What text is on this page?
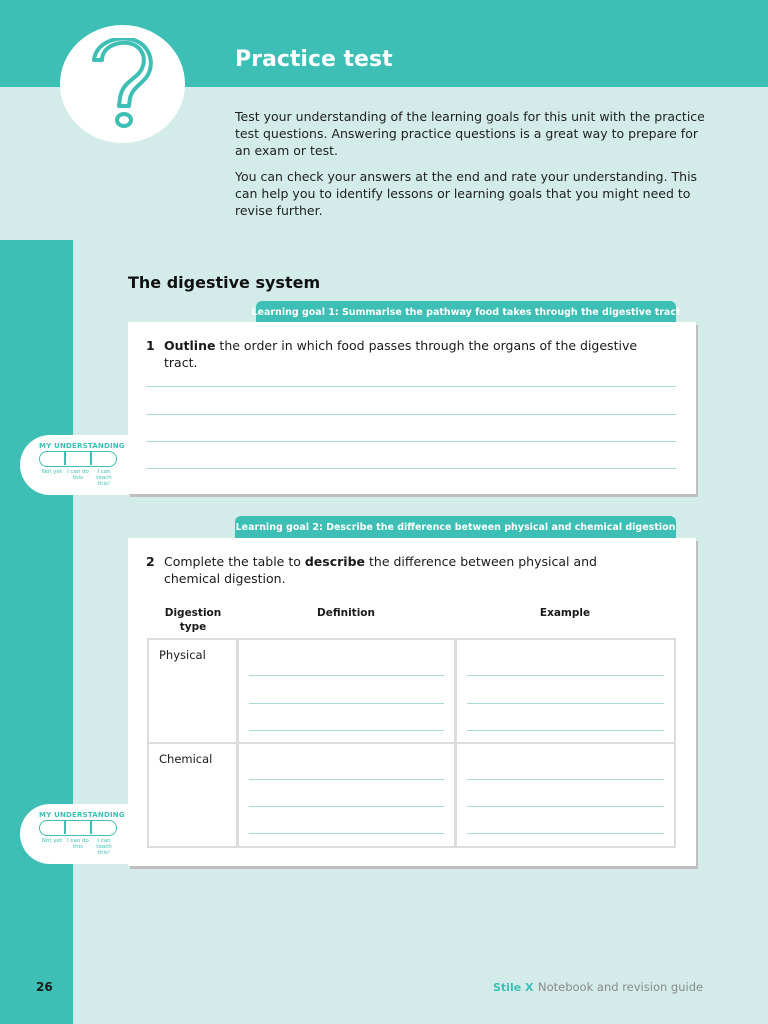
Practice test

Test your understanding of the learning goals for this unit with the practice test questions. Answering practice questions is a great way to prepare for an exam or test.

You can check your answers at the end and rate your understanding. This can help you to identify lessons or learning goals that you might need to revise further.

The digestive system
Learning goal 1: Summarise the pathway food takes through the digestive tract
1 Outline the order in which food passes through the organs of the digestive tract.
MY UNDERSTANDING
Not yet I can do this
I can teach this!
Learning goal 2: Describe the difference between physical and chemical digestion
2 Complete the table to describe the difference between physical and chemical digestion.
Digestion type
Definition	Example
Physical
Chemical
MY UNDERSTANDING
Not yet I can do this
I can teach this!
26	Stile X Notebook and revision guide
